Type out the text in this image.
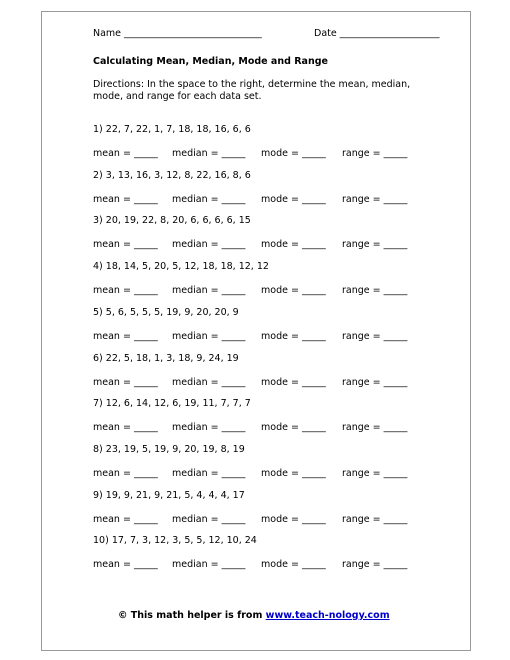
Name _____________________________	Date _____________________
Calculating Mean, Median, Mode and Range
Directions: In the space to the right, determine the mean, median, mode, and range for each data set.
1) 22, 7, 22, 1, 7, 18, 18, 16, 6, 6
mean = _____ median = _____ mode = _____ range = _____
2) 3, 13, 16, 3, 12, 8, 22, 16, 8, 6
mean = _____ median = _____ mode = _____ range = _____
3) 20, 19, 22, 8, 20, 6, 6, 6, 6, 15
mean = _____ median = _____ mode = _____ range = _____
4) 18, 14, 5, 20, 5, 12, 18, 18, 12, 12
mean = _____ median = _____ mode = _____ range = _____
5) 5, 6, 5, 5, 5, 19, 9, 20, 20, 9
mean = _____ median = _____ mode = _____ range = _____
6) 22, 5, 18, 1, 3, 18, 9, 24, 19
mean = _____ median = _____ mode = _____ range = _____
7) 12, 6, 14, 12, 6, 19, 11, 7, 7, 7
mean = _____ median = _____ mode = _____ range = _____
8) 23, 19, 5, 19, 9, 20, 19, 8, 19
mean = _____ median = _____ mode = _____ range = _____
9) 19, 9, 21, 9, 21, 5, 4, 4, 4, 17
mean = _____ median = _____ mode = _____ range = _____
10) 17, 7, 3, 12, 3, 5, 5, 12, 10, 24
mean = _____ median = _____ mode = _____ range = _____
© This math helper is from www.teach-nology.com
